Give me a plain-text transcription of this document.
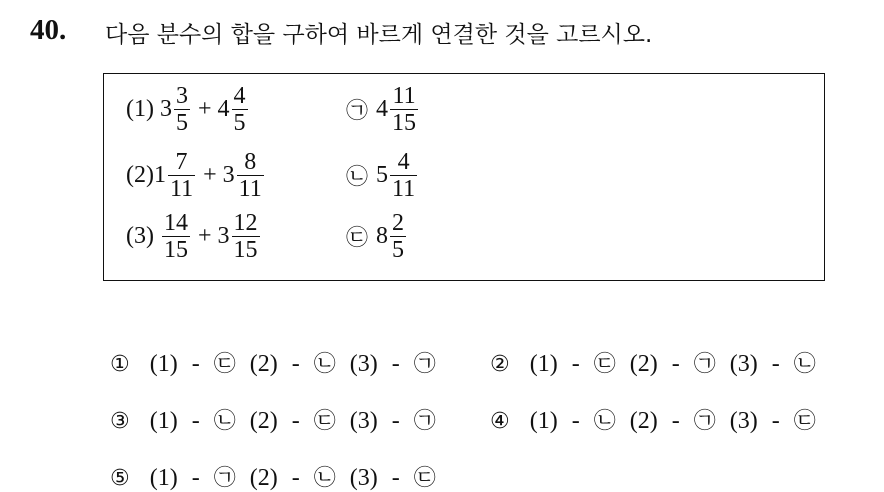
40. 다음 분수의 합을 구하여 바르게 연결한 것을 고르시오.
(1) $3 \frac{3}{5} + 4 \frac{4}{5}$	㉠ $4 \frac{11}{15}$
(2) $1 \frac{7}{11} + 3 \frac{8}{11}$	㉡ $5 \frac{4}{11}$
$(3) \frac{14}{15} + 3 \frac{12}{15}$	㉢ $8 \frac{2}{5}$
① (1) - ㉢ (2) - ㉡ (3) - ㉠	② (1) - ㉢ (2) - ㉠ (3) - ㉡
③ (1) - ㉡ (2) - ㉢ (3) - ㉠	④ (1) - ㉡ (2) - ㉠ (3) - ㉢
⑤ (1) - ㉠ (2) - ㉡ (3) - ㉢
